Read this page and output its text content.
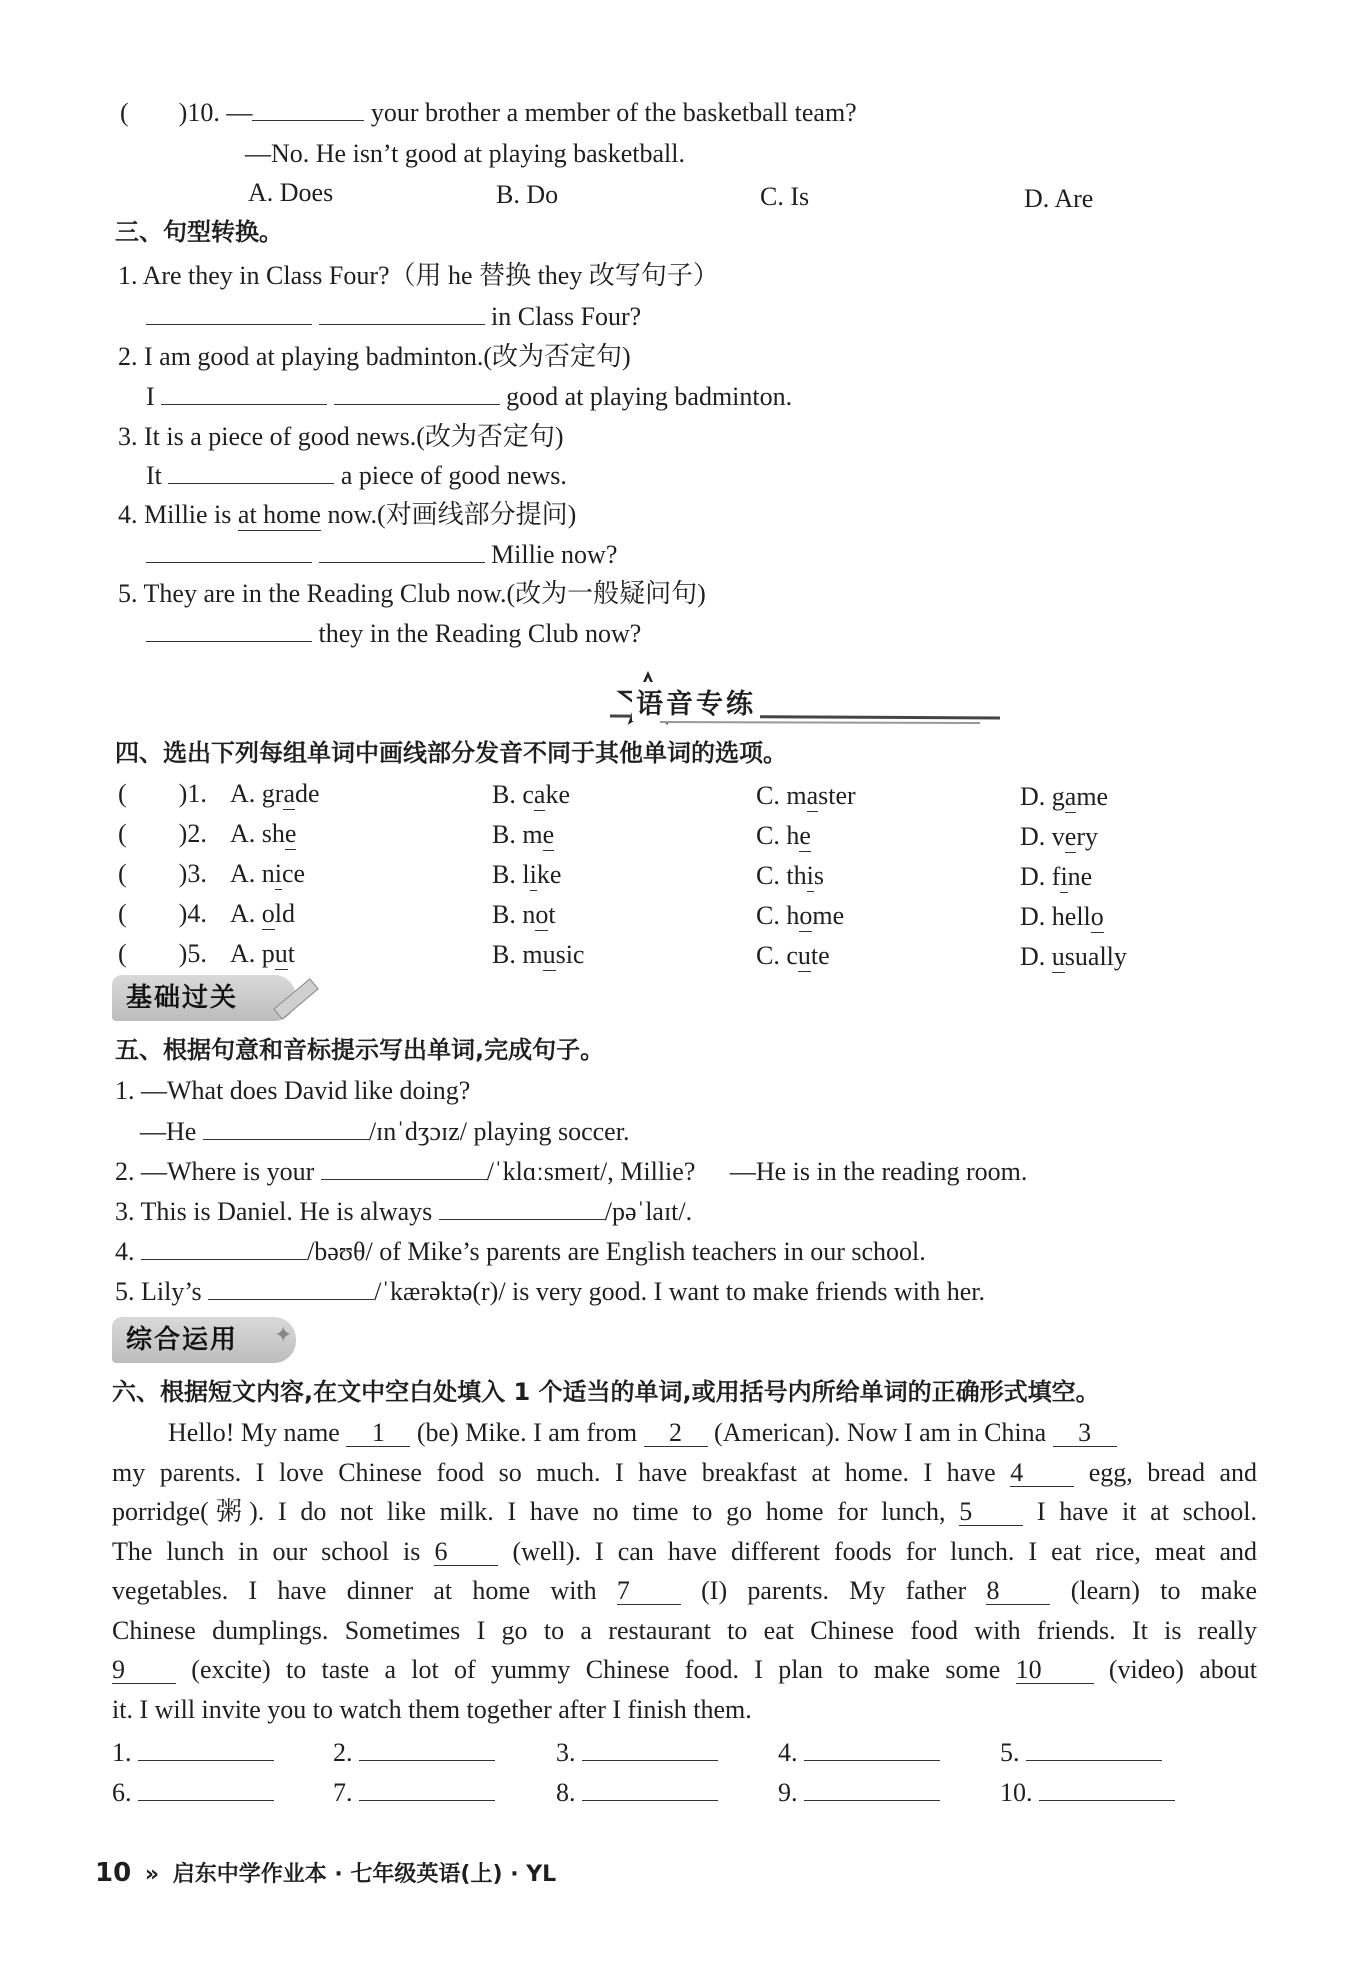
( )10. —	your brother a member of the basketball team?
—No. He isn’t good at playing basketball.
A. Does	B. Do	C. Is	D. Are
三、句型转换。
1. Are they in Class Four?（用 he 替换 they 改写句子）
in Class Four?
2. I am good at playing badminton.(改为否定句)
I	good at playing badminton.
3. It is a piece of good news.(改为否定句)
It	a piece of good news.
4. Millie is at home now.(对画线部分提问)
Millie now?
5. They are in the Reading Club now.(改为一般疑问句)
they in the Reading Club now?
语音专练
四、选出下列每组单词中画线部分发音不同于其他单词的选项。
( )1. A. grade	B. cake	C. master	D. game
( )2. A. she	B. me	C. he	D. very
( )3. A. nice	B. like	C. this	D. fine
( )4. A. old	B. not	C. home	D. hello
( )5. A. put	B. music	C. cute	D. usually
基础过关
五、根据句意和音标提示写出单词,完成句子。
1. —What does David like doing?
—He	/ɪnˈdʒɔɪz/ playing soccer.
2. —Where is your	/ˈklɑːsmeɪt/, Millie? —He is in the reading room.
3. This is Daniel. He is always	/pəˈlaɪt/.
4.	/bəʊθ/ of Mike’s parents are English teachers in our school.
5. Lily’s	/ˈkærəktə(r)/ is very good. I want to make friends with her.
综合运用	✦
六、根据短文内容,在文中空白处填入 1 个适当的单词,或用括号内所给单词的正确形式填空。
Hello! My name 1 (be) Mike. I am from 2 (American). Now I am in China 3
my parents. I love Chinese food so much. I have breakfast at home. I have 4 egg, bread and
porridge(粥). I do not like milk. I have no time to go home for lunch, 5 I have it at school.
The lunch in our school is 6 (well). I can have different foods for lunch. I eat rice, meat and
vegetables. I have dinner at home with 7 (I) parents. My father 8 (learn) to make
Chinese dumplings. Sometimes I go to a restaurant to eat Chinese food with friends. It is really
9 (excite) to taste a lot of yummy Chinese food. I plan to make some 10 (video) about
it. I will invite you to watch them together after I finish them.
1.	2.	3.	4.	5.
6.	7.	8.	9.	10.
10 » 启东中学作业本 · 七年级英语(上) · YL
